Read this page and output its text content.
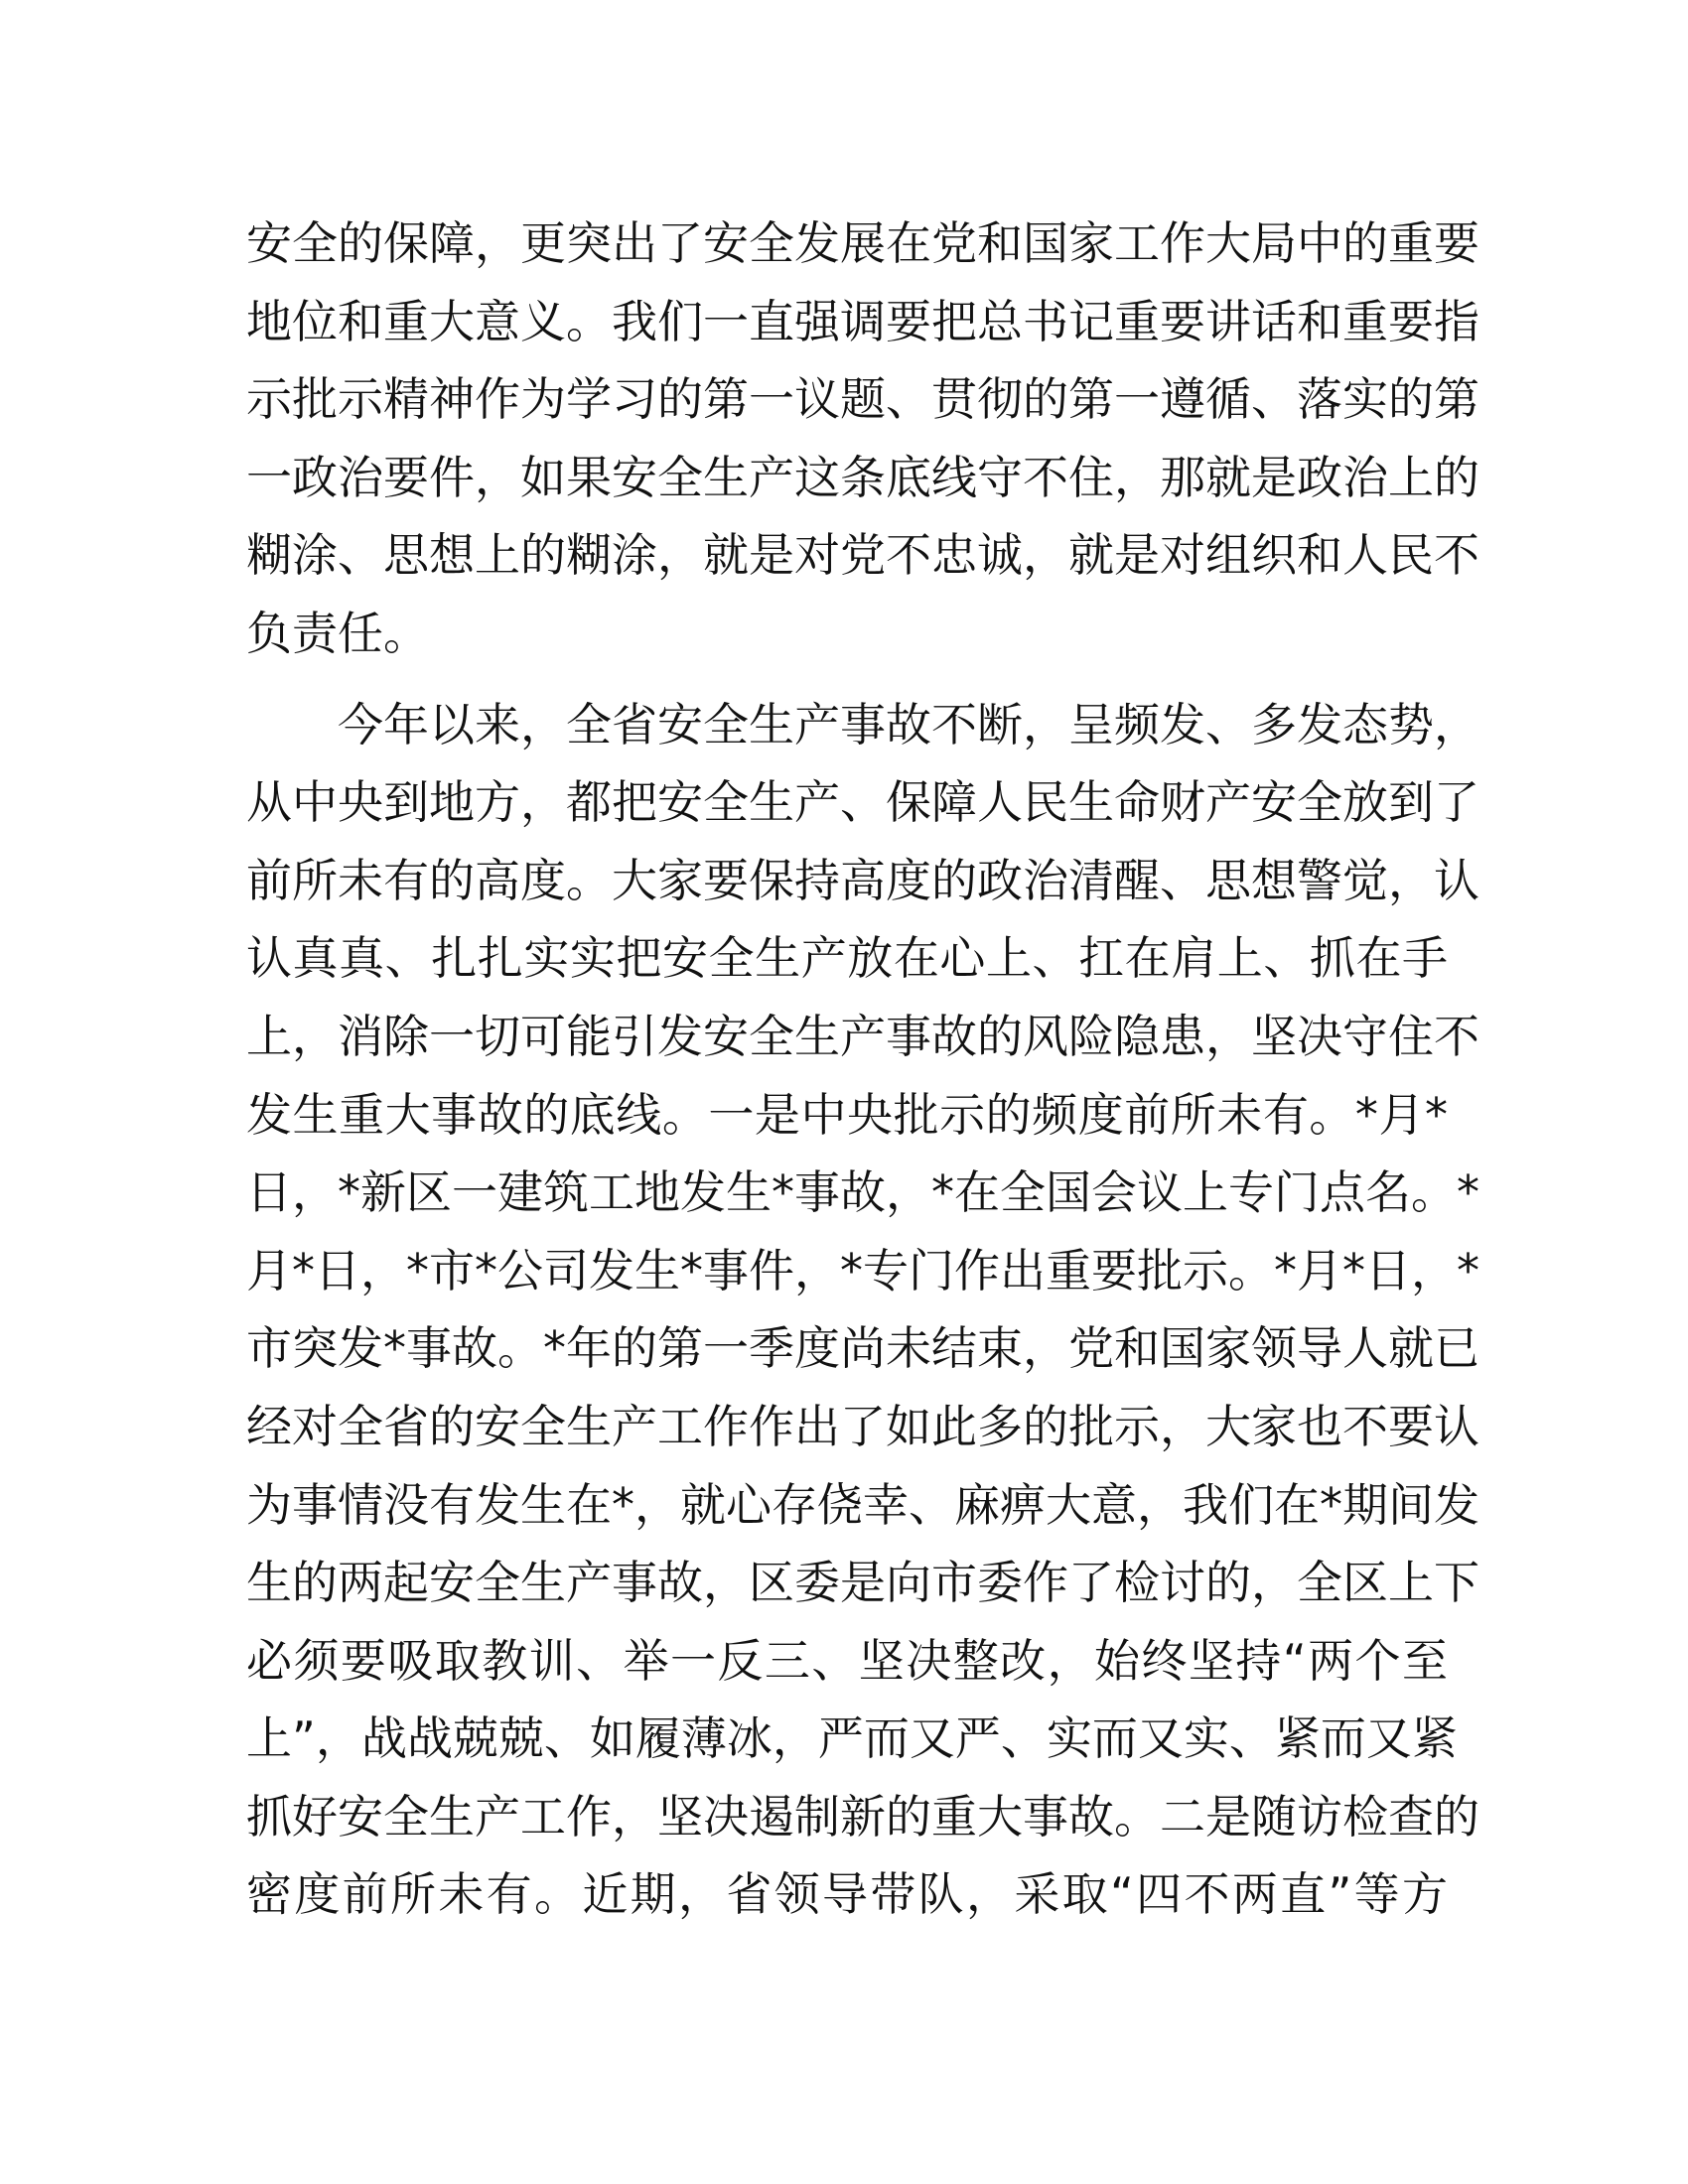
安全的保障，更突出了安全发展在党和国家工作大局中的重要
地位和重大意义。我们一直强调要把总书记重要讲话和重要指
示批示精神作为学习的第一议题、贯彻的第一遵循、落实的第
一政治要件，如果安全生产这条底线守不住，那就是政治上的
糊涂、思想上的糊涂，就是对党不忠诚，就是对组织和人民不
负责任。
　　今年以来，全省安全生产事故不断，呈频发、多发态势，
从中央到地方，都把安全生产、保障人民生命财产安全放到了
前所未有的高度。大家要保持高度的政治清醒、思想警觉，认
认真真、扎扎实实把安全生产放在心上、扛在肩上、抓在手
上，消除一切可能引发安全生产事故的风险隐患，坚决守住不
发生重大事故的底线。一是中央批示的频度前所未有。*月*
日，*新区一建筑工地发生*事故，*在全国会议上专门点名。*
月*日，*市*公司发生*事件，*专门作出重要批示。*月*日，*
市突发*事故。*年的第一季度尚未结束，党和国家领导人就已
经对全省的安全生产工作作出了如此多的批示，大家也不要认
为事情没有发生在*，就心存侥幸、麻痹大意，我们在*期间发
生的两起安全生产事故，区委是向市委作了检讨的，全区上下
必须要吸取教训、举一反三、坚决整改，始终坚持“两个至
上”，战战兢兢、如履薄冰，严而又严、实而又实、紧而又紧
抓好安全生产工作，坚决遏制新的重大事故。二是随访检查的
密度前所未有。近期，省领导带队，采取“四不两直”等方
